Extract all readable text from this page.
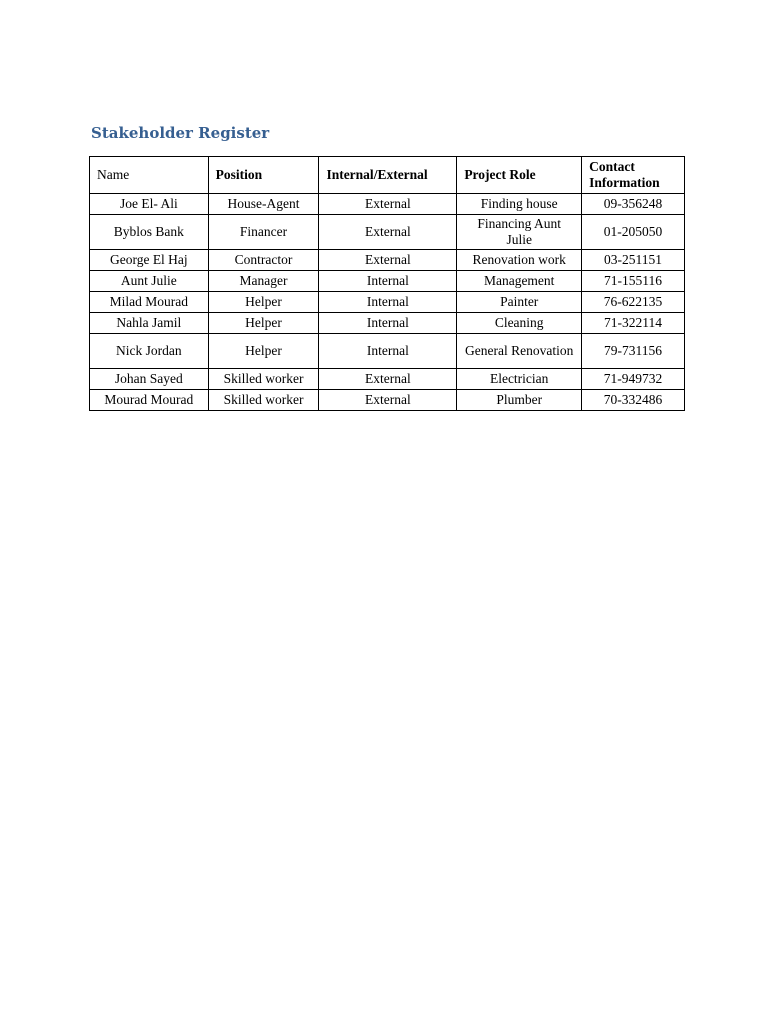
Stakeholder Register
Name	Position	Internal/External	Project Role	Contact Information
Joe El- Ali	House-Agent	External	Finding house	09-356248
Byblos Bank	Financer	External	Financing Aunt Julie	01-205050
George El Haj	Contractor	External	Renovation work	03-251151
Aunt Julie	Manager	Internal	Management	71-155116
Milad Mourad	Helper	Internal	Painter	76-622135
Nahla Jamil	Helper	Internal	Cleaning	71-322114
Nick Jordan	Helper	Internal	General Renovation	79-731156
Johan Sayed	Skilled worker	External	Electrician	71-949732
Mourad Mourad	Skilled worker	External	Plumber	70-332486
